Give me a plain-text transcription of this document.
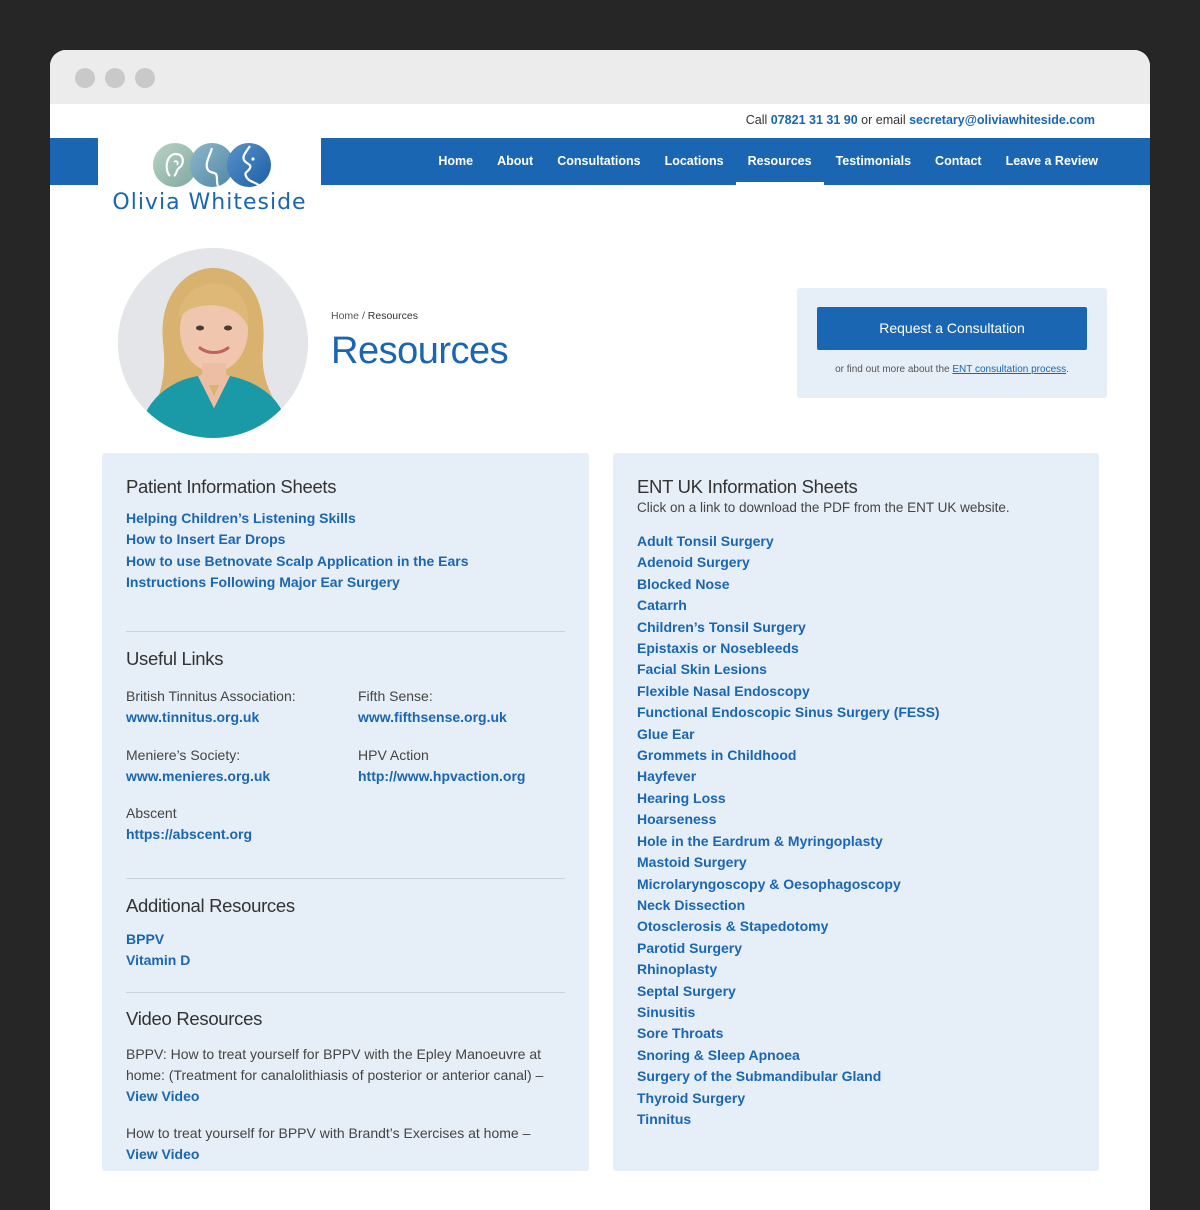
Call 07821 31 31 90 or email secretary@oliviawhiteside.com
Home	About	Consultations	Locations	Resources	Testimonials	Contact	Leave a Review
Olivia Whiteside
Home / Resources
Resources
Request a Consultation
or find out more about the ENT consultation process.
Patient Information Sheets
Helping Children’s Listening Skills
How to Insert Ear Drops
How to use Betnovate Scalp Application in the Ears
Instructions Following Major Ear Surgery
Useful Links
British Tinnitus Association:
www.tinnitus.org.uk
Fifth Sense:
www.fifthsense.org.uk
Meniere’s Society:
www.menieres.org.uk
HPV Action
http://www.hpvaction.org
Abscent
https://abscent.org
Additional Resources
BPPV
Vitamin D
Video Resources

BPPV: How to treat yourself for BPPV with the Epley Manoeuvre at home: (Treatment for canalolithiasis of posterior or anterior canal) – View Video

How to treat yourself for BPPV with Brandt’s Exercises at home – View Video

ENT UK Information Sheets
Click on a link to download the PDF from the ENT UK website.
Adult Tonsil Surgery
Adenoid Surgery
Blocked Nose
Catarrh
Children’s Tonsil Surgery
Epistaxis or Nosebleeds
Facial Skin Lesions
Flexible Nasal Endoscopy
Functional Endoscopic Sinus Surgery (FESS)
Glue Ear
Grommets in Childhood
Hayfever
Hearing Loss
Hoarseness
Hole in the Eardrum & Myringoplasty
Mastoid Surgery
Microlaryngoscopy & Oesophagoscopy
Neck Dissection
Otosclerosis & Stapedotomy
Parotid Surgery
Rhinoplasty
Septal Surgery
Sinusitis
Sore Throats
Snoring & Sleep Apnoea
Surgery of the Submandibular Gland
Thyroid Surgery
Tinnitus
